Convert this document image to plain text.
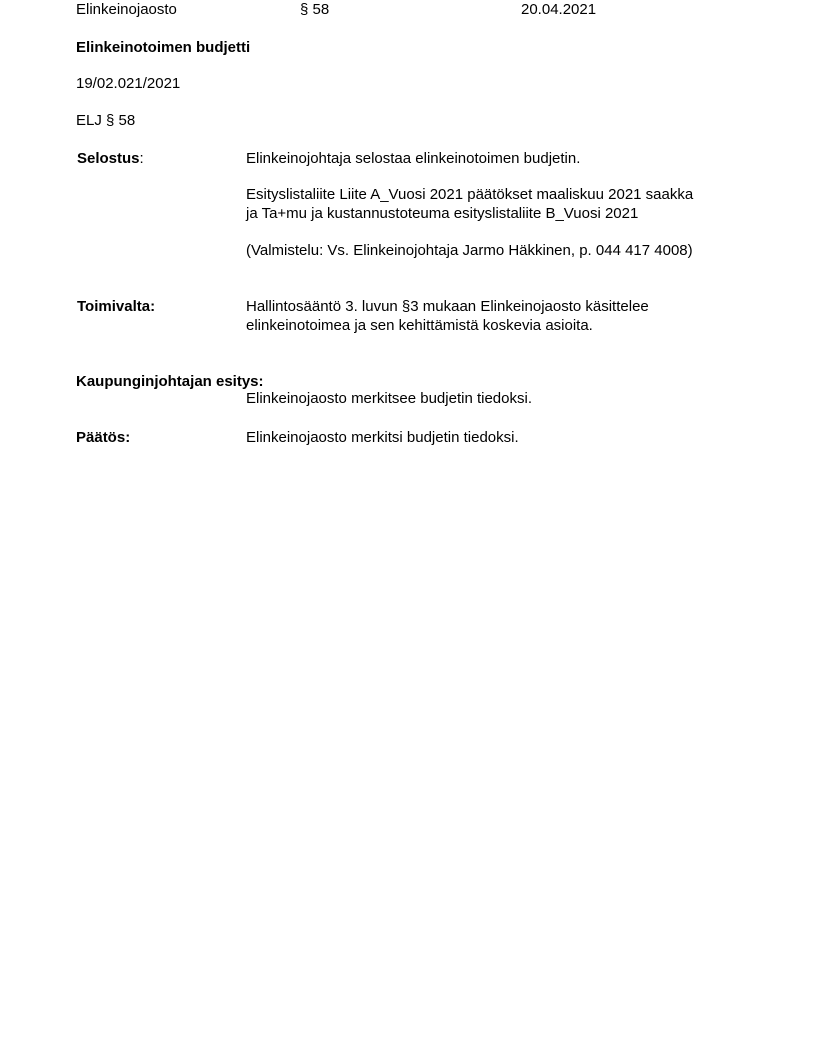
Elinkeinojaosto	§ 58	20.04.2021
Elinkeinotoimen budjetti
19/02.021/2021
ELJ § 58
Selostus:	Elinkeinojohtaja selostaa elinkeinotoimen budjetin.
Esityslistaliite Liite A_Vuosi 2021 päätökset maaliskuu 2021 saakka
ja Ta+mu ja kustannustoteuma esityslistaliite B_Vuosi 2021
(Valmistelu: Vs. Elinkeinojohtaja Jarmo Häkkinen, p. 044 417 4008)
Toimivalta:	Hallintosääntö 3. luvun §3 mukaan Elinkeinojaosto käsittelee
elinkeinotoimea ja sen kehittämistä koskevia asioita.
Kaupunginjohtajan esitys:
Elinkeinojaosto merkitsee budjetin tiedoksi.
Päätös:	Elinkeinojaosto merkitsi budjetin tiedoksi.
